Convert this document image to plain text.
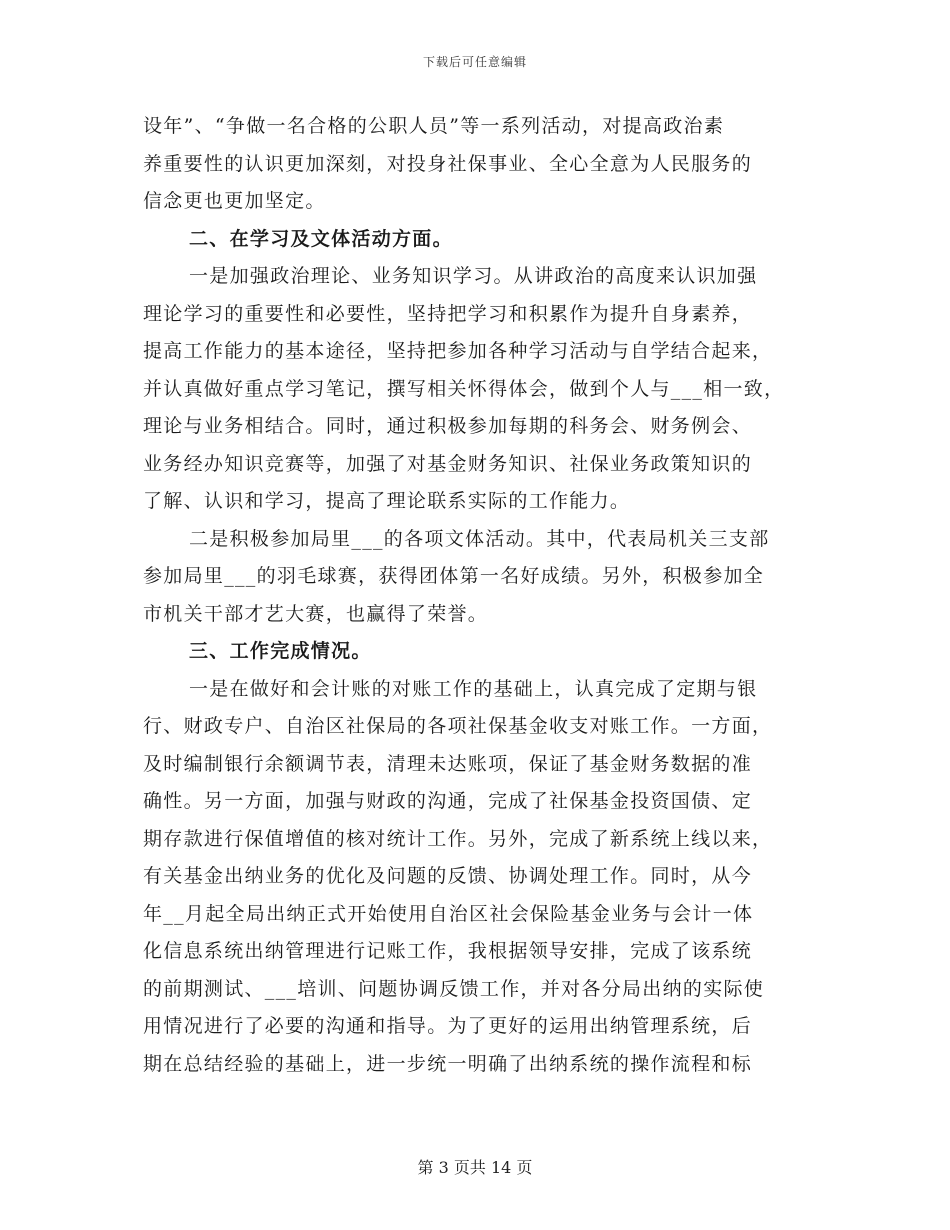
下载后可任意编辑
设年”、“争做一名合格的公职人员”等一系列活动，对提高政治素
养重要性的认识更加深刻，对投身社保事业、全心全意为人民服务的
信念更也更加坚定。
二、在学习及文体活动方面。
一是加强政治理论、业务知识学习。从讲政治的高度来认识加强
理论学习的重要性和必要性，坚持把学习和积累作为提升自身素养，
提高工作能力的基本途径，坚持把参加各种学习活动与自学结合起来，
并认真做好重点学习笔记，撰写相关怀得体会，做到个人与___相一致，
理论与业务相结合。同时，通过积极参加每期的科务会、财务例会、
业务经办知识竞赛等，加强了对基金财务知识、社保业务政策知识的
了解、认识和学习，提高了理论联系实际的工作能力。
二是积极参加局里___的各项文体活动。其中，代表局机关三支部
参加局里___的羽毛球赛，获得团体第一名好成绩。另外，积极参加全
市机关干部才艺大赛，也赢得了荣誉。
三、工作完成情况。
一是在做好和会计账的对账工作的基础上，认真完成了定期与银
行、财政专户、自治区社保局的各项社保基金收支对账工作。一方面，
及时编制银行余额调节表，清理未达账项，保证了基金财务数据的准
确性。另一方面，加强与财政的沟通，完成了社保基金投资国债、定
期存款进行保值增值的核对统计工作。另外，完成了新系统上线以来，
有关基金出纳业务的优化及问题的反馈、协调处理工作。同时，从今
年__月起全局出纳正式开始使用自治区社会保险基金业务与会计一体
化信息系统出纳管理进行记账工作，我根据领导安排，完成了该系统
的前期测试、___培训、问题协调反馈工作，并对各分局出纳的实际使
用情况进行了必要的沟通和指导。为了更好的运用出纳管理系统，后
期在总结经验的基础上，进一步统一明确了出纳系统的操作流程和标
第 3 页共 14 页
